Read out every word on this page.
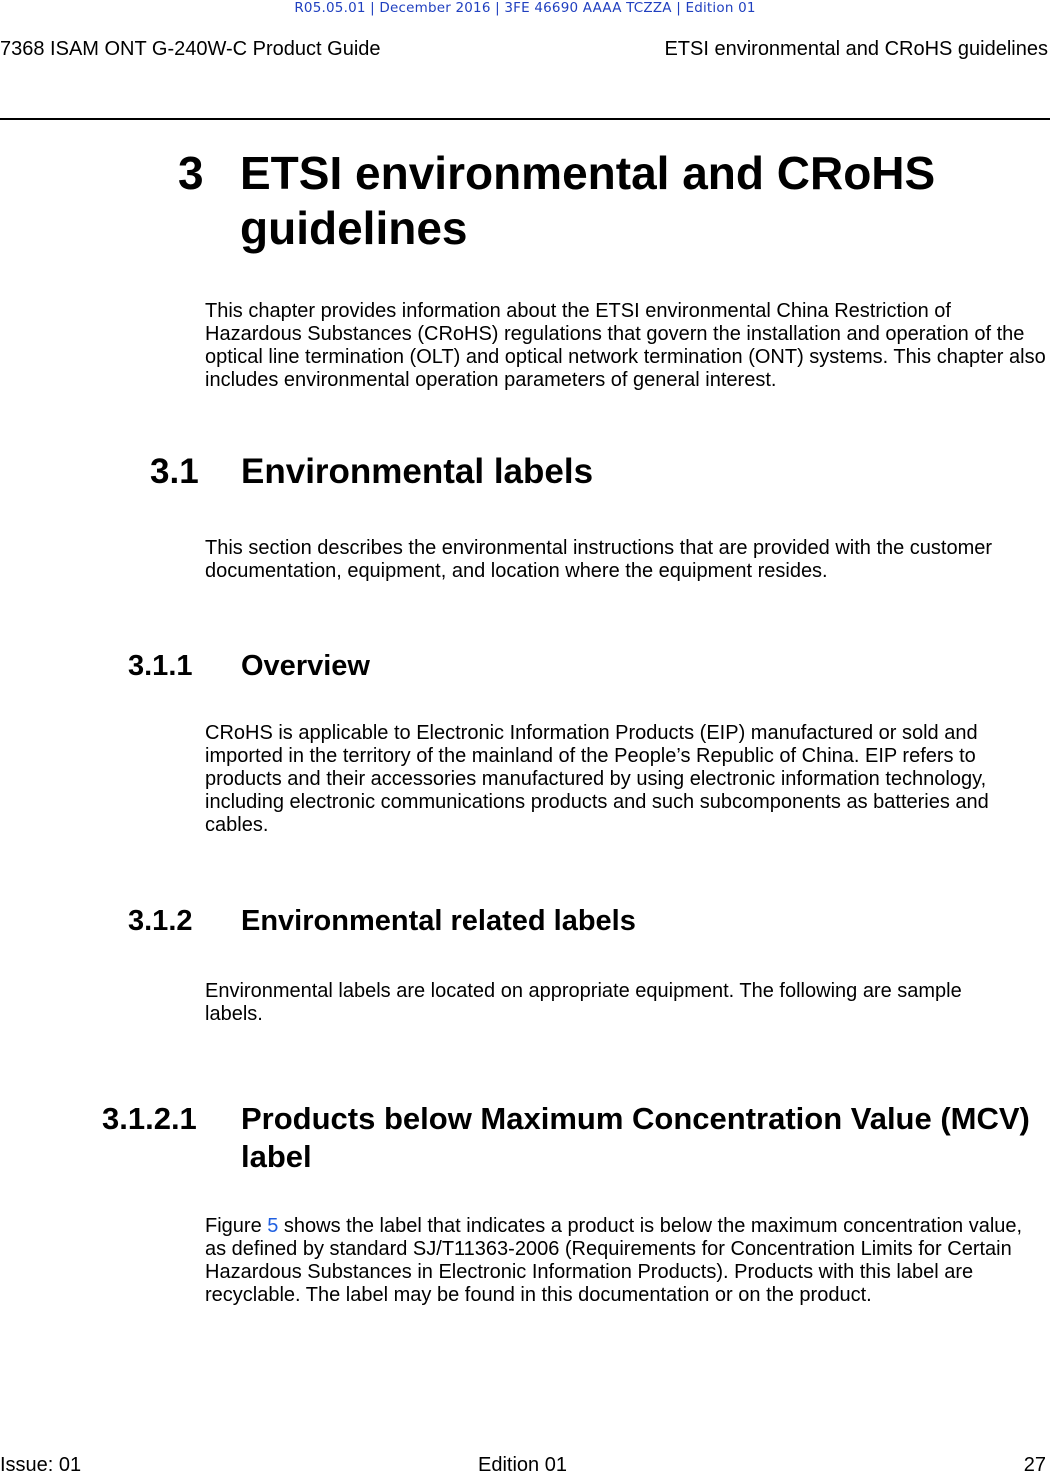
R05.05.01 | December 2016 | 3FE 46690 AAAA TCZZA | Edition 01
7368 ISAM ONT G-240W-C Product Guide	ETSI environmental and CRoHS guidelines
3 ETSI environmental and CRoHS guidelines
This chapter provides information about the ETSI environmental China Restriction of Hazardous Substances (CRoHS) regulations that govern the installation and operation of the optical line termination (OLT) and optical network termination (ONT) systems. This chapter also includes environmental operation parameters of general interest.
3.1 Environmental labels
This section describes the environmental instructions that are provided with the customer documentation, equipment, and location where the equipment resides.
3.1.1 Overview
CRoHS is applicable to Electronic Information Products (EIP) manufactured or sold and imported in the territory of the mainland of the People’s Republic of China. EIP refers to products and their accessories manufactured by using electronic information technology, including electronic communications products and such subcomponents as batteries and cables.
3.1.2 Environmental related labels
Environmental labels are located on appropriate equipment. The following are sample labels.
3.1.2.1 Products below Maximum Concentration Value (MCV) label
Figure 5 shows the label that indicates a product is below the maximum concentration value, as defined by standard SJ/T11363-2006 (Requirements for Concentration Limits for Certain Hazardous Substances in Electronic Information Products). Products with this label are recyclable. The label may be found in this documentation or on the product.
Issue: 01	Edition 01	27
